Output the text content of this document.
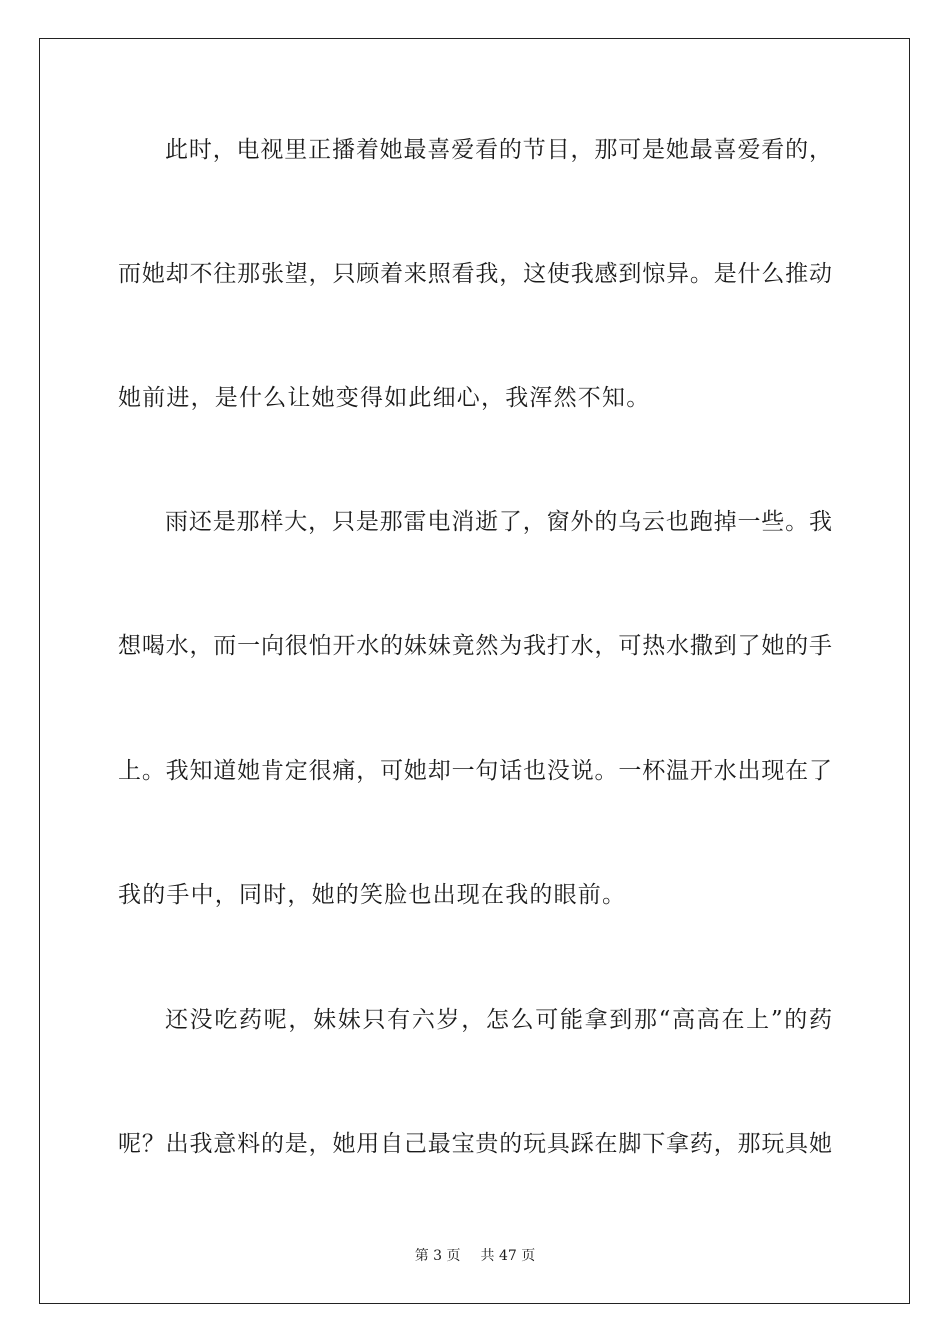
此时，电视里正播着她最喜爱看的节目，那可是她最喜爱看的，
而她却不往那张望，只顾着来照看我，这使我感到惊异。是什么推动
她前进，是什么让她变得如此细心，我浑然不知。
雨还是那样大，只是那雷电消逝了，窗外的乌云也跑掉一些。我
想喝水，而一向很怕开水的妹妹竟然为我打水，可热水撒到了她的手
上。我知道她肯定很痛，可她却一句话也没说。一杯温开水出现在了
我的手中，同时，她的笑脸也出现在我的眼前。
还没吃药呢，妹妹只有六岁，怎么可能拿到那“高高在上”的药
呢？出我意料的是，她用自己最宝贵的玩具踩在脚下拿药，那玩具她
第 3 页 共 47 页
